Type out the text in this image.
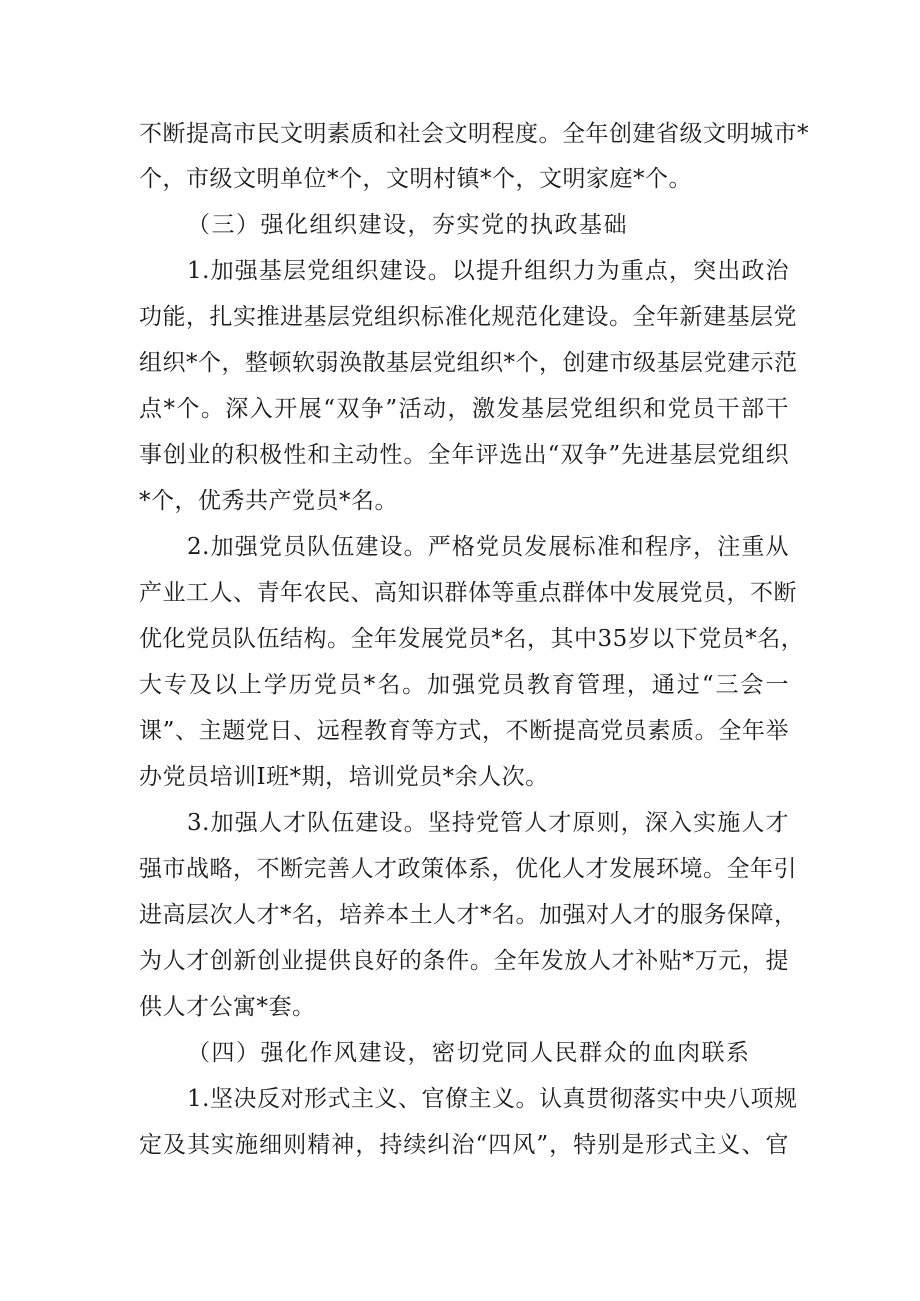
不断提高市民文明素质和社会文明程度。全年创建省级文明城市*
个，市级文明单位*个，文明村镇*个，文明家庭*个。
（三）强化组织建设，夯实党的执政基础
1.加强基层党组织建设。以提升组织力为重点，突出政治
功能，扎实推进基层党组织标准化规范化建设。全年新建基层党
组织*个，整顿软弱涣散基层党组织*个，创建市级基层党建示范
点*个。深入开展“双争”活动，激发基层党组织和党员干部干
事创业的积极性和主动性。全年评选出“双争”先进基层党组织
*个，优秀共产党员*名。
2.加强党员队伍建设。严格党员发展标准和程序，注重从
产业工人、青年农民、高知识群体等重点群体中发展党员，不断
优化党员队伍结构。全年发展党员*名，其中35岁以下党员*名，
大专及以上学历党员*名。加强党员教育管理，通过“三会一
课”、主题党日、远程教育等方式，不断提高党员素质。全年举
办党员培训I班*期，培训党员*余人次。
3.加强人才队伍建设。坚持党管人才原则，深入实施人才
强市战略，不断完善人才政策体系，优化人才发展环境。全年引
进高层次人才*名，培养本土人才*名。加强对人才的服务保障，
为人才创新创业提供良好的条件。全年发放人才补贴*万元，提
供人才公寓*套。
（四）强化作风建设，密切党同人民群众的血肉联系
1.坚决反对形式主义、官僚主义。认真贯彻落实中央八项规
定及其实施细则精神，持续纠治“四风”，特别是形式主义、官
